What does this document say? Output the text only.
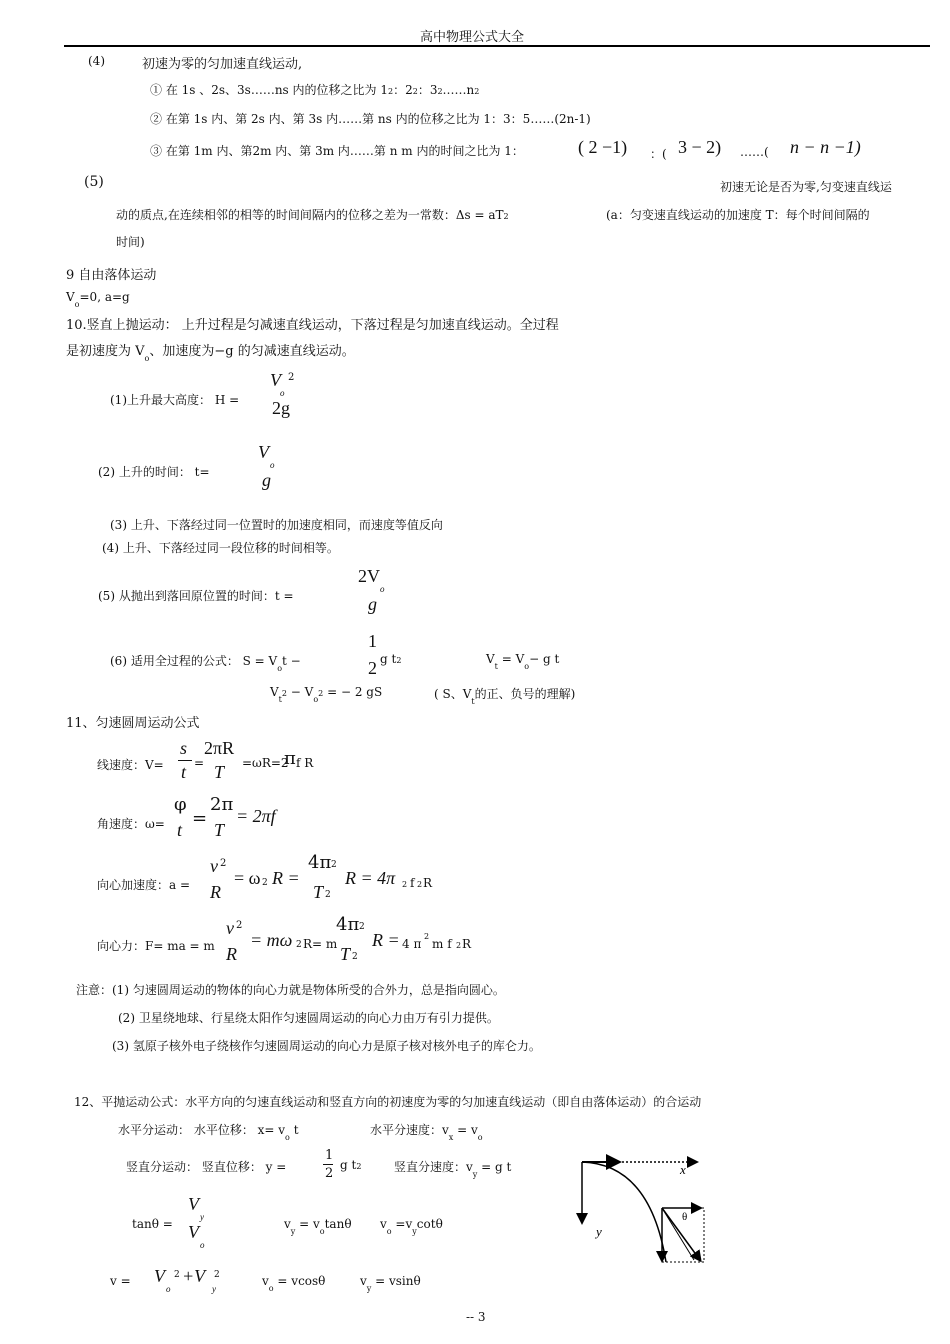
高中物理公式大全
(4)	初速为零的匀加速直线运动,
① 在 1s 、2s、3s……ns 内的位移之比为 12：22：32……n2
② 在第 1s 内、第 2s 内、第 3s 内……第 ns 内的位移之比为 1：3：5……(2n-1)
③ 在第 1m 内、第2m 内、第 3m 内……第 n m 内的时间之比为 1：	( 2 −1) ：( 3 − 2) ……( n − n −1)
(5)	初速无论是否为零,匀变速直线运
动的质点,在连续相邻的相等的时间间隔内的位移之差为一常数：Δs = aT2	(a：匀变速直线运动的加速度 T：每个时间间隔的
时间)
9 自由落体运动
$V_o=0$, a=g
10.竖直上抛运动： 上升过程是匀减速直线运动，下落过程是匀加速直线运动。全过程
是初速度为 $V_o$、加速度为−g 的匀减速直线运动。
(1)上升最大高度： H =
V 2
o
2g
(2) 上升的时间： t=
V
o
g
(3) 上升、下落经过同一位置时的加速度相同，而速度等值反向
(4) 上升、下落经过同一段位移的时间相等。
(5) 从抛出到落回原位置的时间：t =
2V
o
g
(6) 适用全过程的公式： $S = V_ot$ −
1
2 g t2	$V_t = V_o- g$ t
$V_t2 - V_o2$ = − 2 gS	( S、$V_t$的正、负号的理解)
11、匀速圆周运动公式
线速度：V=
s
t =
2πR
T =ωR=2
π f R
角速度：ω=
φ
t
=
2π
T
= 2πf
向心加速度：a =
v 2
R
= ω 2 R =
4π 2
T 2
R = 4π 2 f 2 R
向心力：F= ma = m
v 2
R
= mω 2 R= m
4π 2
T 2
R = 4 π
2
m f 2 R
注意：(1) 匀速圆周运动的物体的向心力就是物体所受的合外力，总是指向圆心。
(2) 卫星绕地球、行星绕太阳作匀速圆周运动的向心力由万有引力提供。
(3) 氢原子核外电子绕核作匀速圆周运动的向心力是原子核对核外电子的库仑力。
12、平抛运动公式：水平方向的匀速直线运动和竖直方向的初速度为零的匀加速直线运动（即自由落体运动）的合运动
水平分运动： 水平位移： $x= v_o$ t	水平分速度：$v_x = v_o$
竖直分运动： 竖直位移： y =
1
2
g t2	竖直分速度：$v_y = g$ t
tanθ =
V
y
V
o
$v_y = v_o\tan\theta$ $v_o =v_y\cot\theta$
v = V
o
2 +V
y
2	$v_o = vcos\theta$	$v_y = vsin\theta$
x
y
θ
-- 3
